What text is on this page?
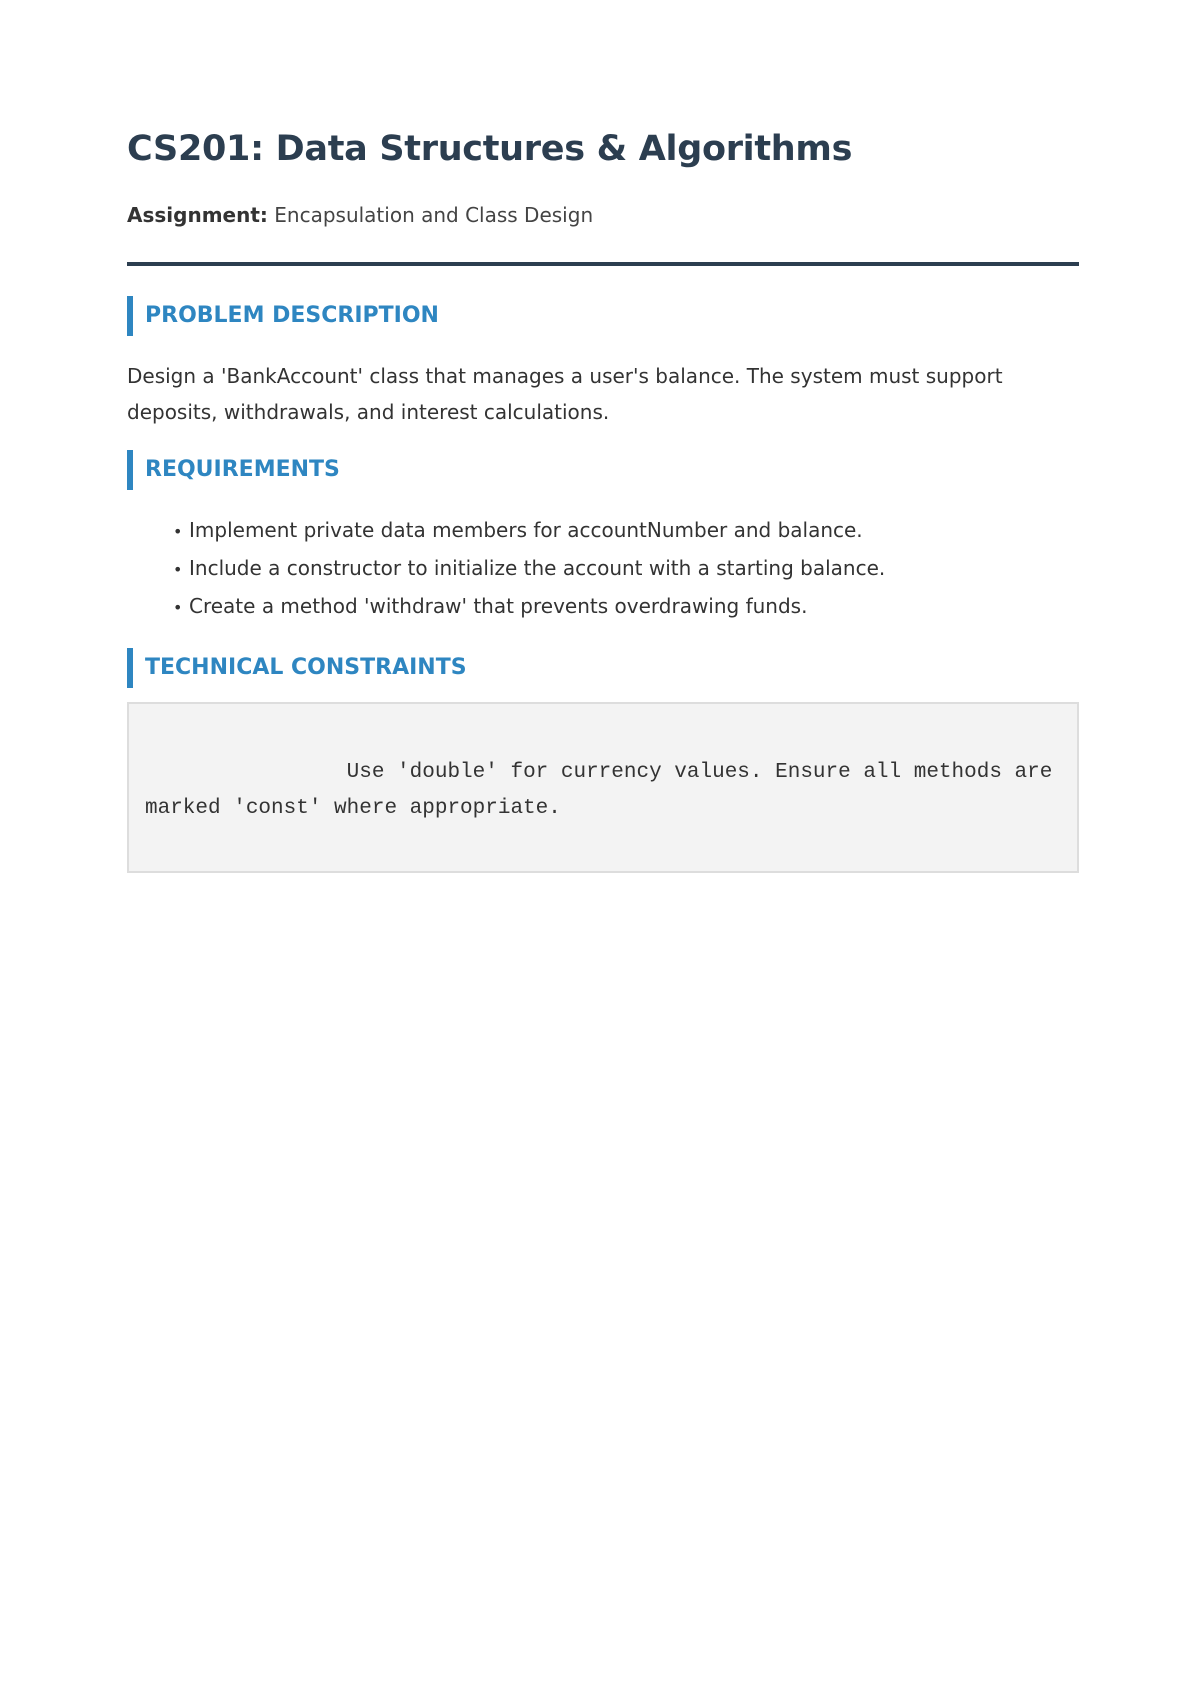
CS201: Data Structures & Algorithms
Assignment: Encapsulation and Class Design
PROBLEM DESCRIPTION
Design a 'BankAccount' class that manages a user's balance. The system must support deposits, withdrawals, and interest calculations.
REQUIREMENTS
• Implement private data members for accountNumber and balance.
• Include a constructor to initialize the account with a starting balance.
• Create a method 'withdraw' that prevents overdrawing funds.
TECHNICAL CONSTRAINTS
Use 'double' for currency values. Ensure all methods are marked 'const' where appropriate.
